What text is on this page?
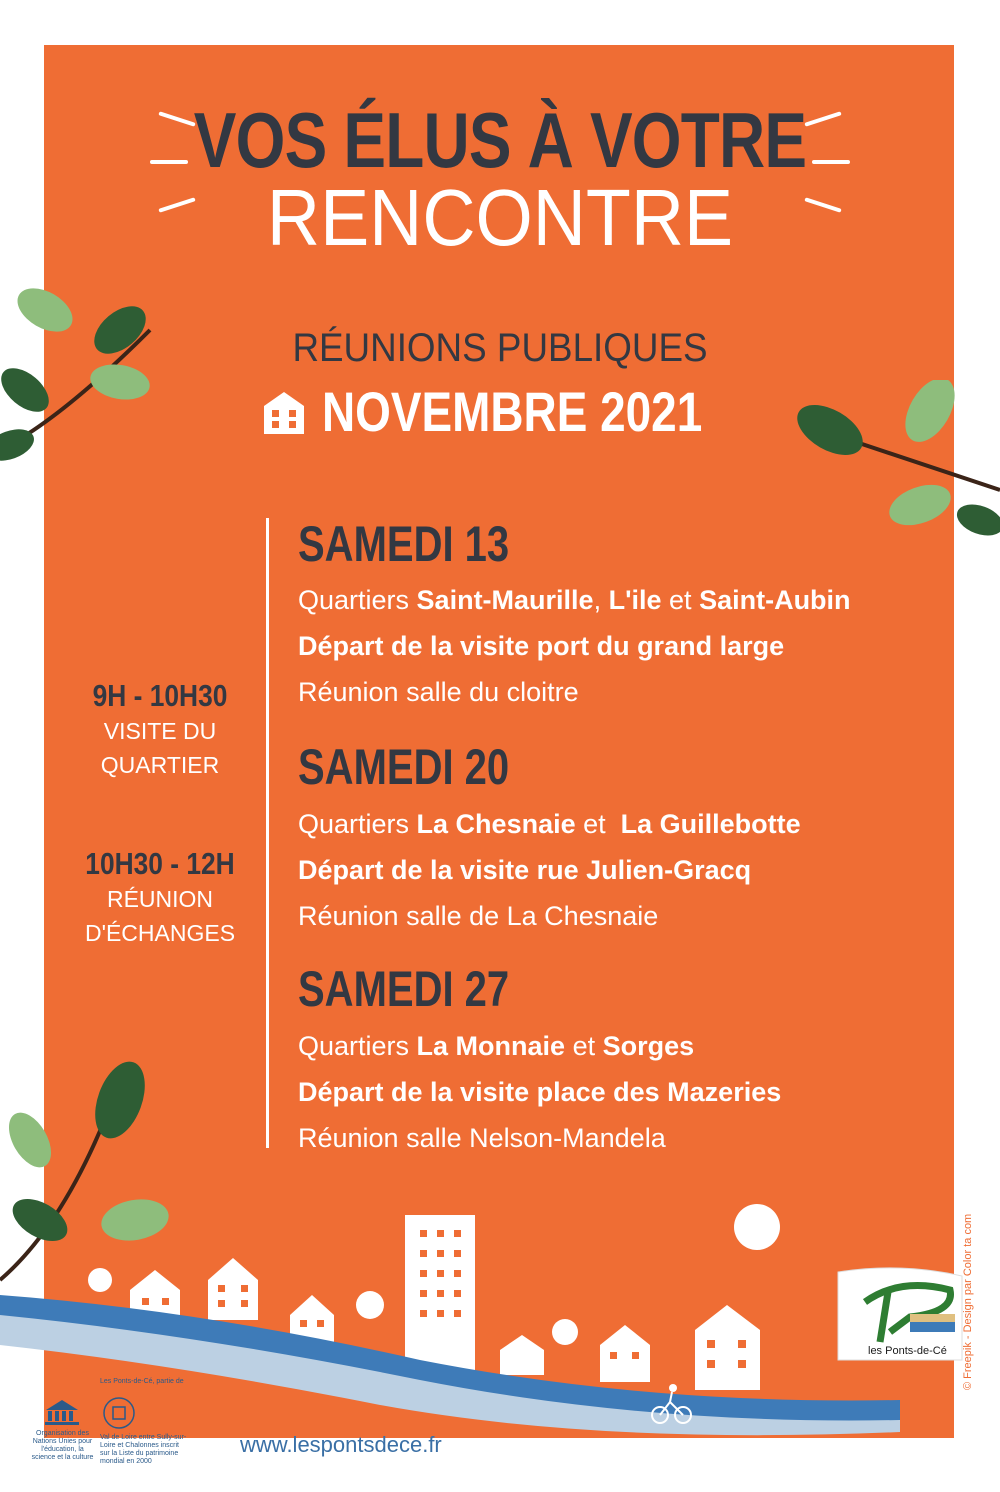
VOS ÉLUS À VOTRE
RENCONTRE
RÉUNIONS PUBLIQUES
NOVEMBRE 2021
9H - 10H30
VISITE DU
QUARTIER
10H30 - 12H
RÉUNION
D'ÉCHANGES
SAMEDI 13
Quartiers Saint-Maurille, L'ile et Saint-Aubin
Départ de la visite port du grand large
Réunion salle du cloitre
SAMEDI 20
Quartiers La Chesnaie et  La Guillebotte
Départ de la visite rue Julien-Gracq
Réunion salle de La Chesnaie
SAMEDI 27
Quartiers La Monnaie et Sorges
Départ de la visite place des Mazeries
Réunion salle Nelson-Mandela
© Freepik - Design par Color ta com
les Ponts-de-Cé
Organisation des Nations Unies pour l'éducation, la science et la culture
Les Ponts-de-Cé, partie de
Val de Loire entre Sully-sur-Loire et Chalonnes inscrit sur la Liste du patrimoine mondial en 2000
www.lespontsdece.fr
